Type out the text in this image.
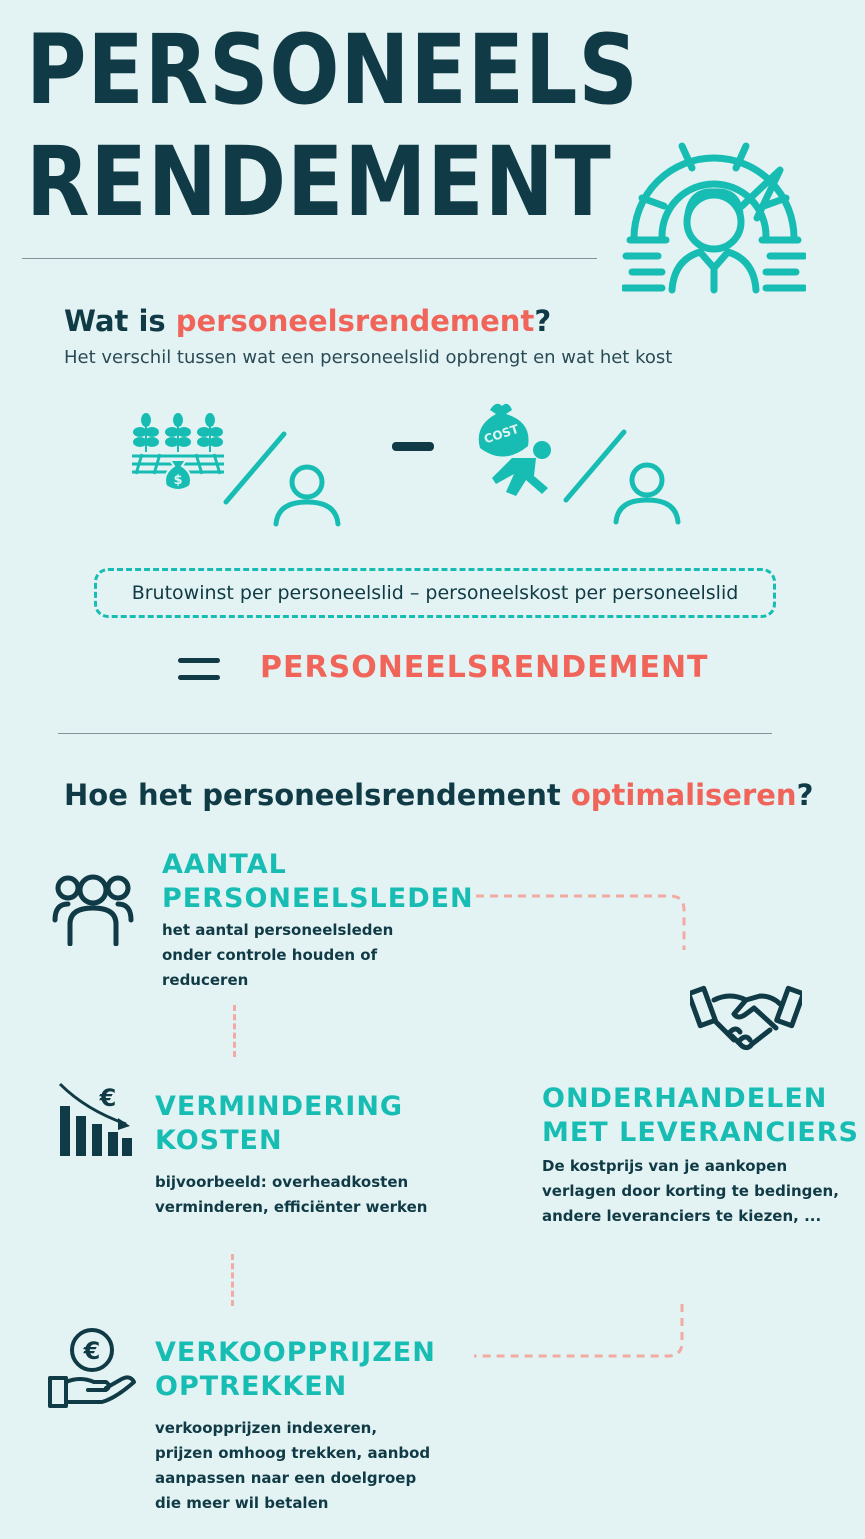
PERSONEELS
RENDEMENT
Wat is personeelsrendement?
Het verschil tussen wat een personeelslid opbrengt en wat het kost
$
COST
Brutowinst per personeelslid – personeelskost per personeelslid
PERSONEELSRENDEMENT
Hoe het personeelsrendement optimaliseren?
AANTAL
PERSONEELSLEDEN
het aantal personeelsleden
onder controle houden of
reduceren
€ VERMINDERING
KOSTEN
bijvoorbeeld: overheadkosten
verminderen, efficiënter werken
ONDERHANDELEN
MET LEVERANCIERS
De kostprijs van je aankopen
verlagen door korting te bedingen,
andere leveranciers te kiezen, ...
€ VERKOOPPRIJZEN
OPTREKKEN
verkoopprijzen indexeren,
prijzen omhoog trekken, aanbod
aanpassen naar een doelgroep
die meer wil betalen
